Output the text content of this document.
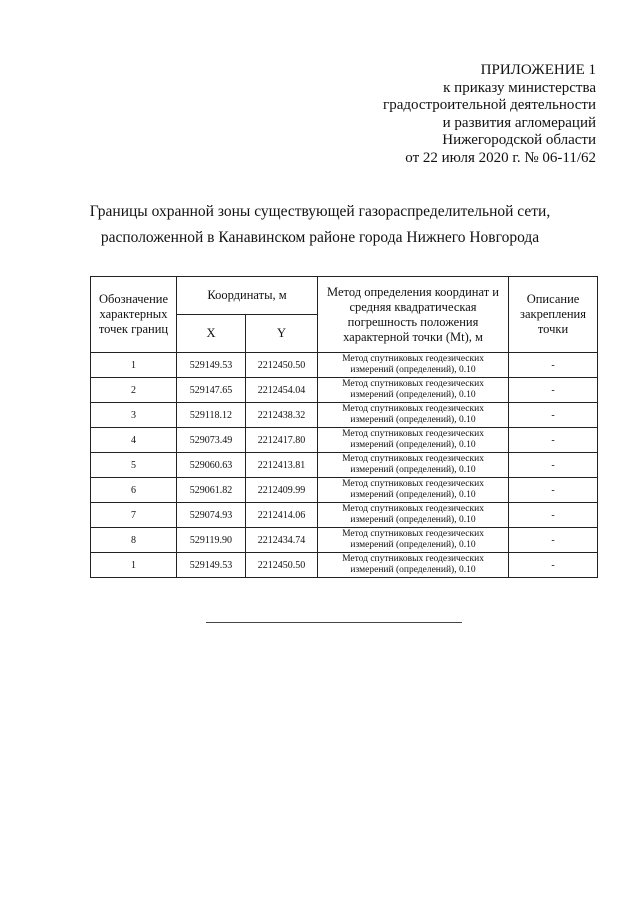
ПРИЛОЖЕНИЕ 1
к приказу министерства
градостроительной деятельности
и развития агломераций
Нижегородской области
от 22 июля 2020 г. № 06-11/62
Границы охранной зоны существующей газораспределительной сети,
расположенной в Канавинском районе города Нижнего Новгорода
Обозначение характерных точек границ	Координаты, м		Метод определения координат и средняя квадратическая погрешность положения характерной точки (Mt), м	Описание закрепления точки
	X	Y		
1	529149.53	2212450.50	Метод спутниковых геодезических измерений (определений), 0.10	-
2	529147.65	2212454.04	Метод спутниковых геодезических измерений (определений), 0.10	-
3	529118.12	2212438.32	Метод спутниковых геодезических измерений (определений), 0.10	-
4	529073.49	2212417.80	Метод спутниковых геодезических измерений (определений), 0.10	-
5	529060.63	2212413.81	Метод спутниковых геодезических измерений (определений), 0.10	-
6	529061.82	2212409.99	Метод спутниковых геодезических измерений (определений), 0.10	-
7	529074.93	2212414.06	Метод спутниковых геодезических измерений (определений), 0.10	-
8	529119.90	2212434.74	Метод спутниковых геодезических измерений (определений), 0.10	-
1	529149.53	2212450.50	Метод спутниковых геодезических измерений (определений), 0.10	-
